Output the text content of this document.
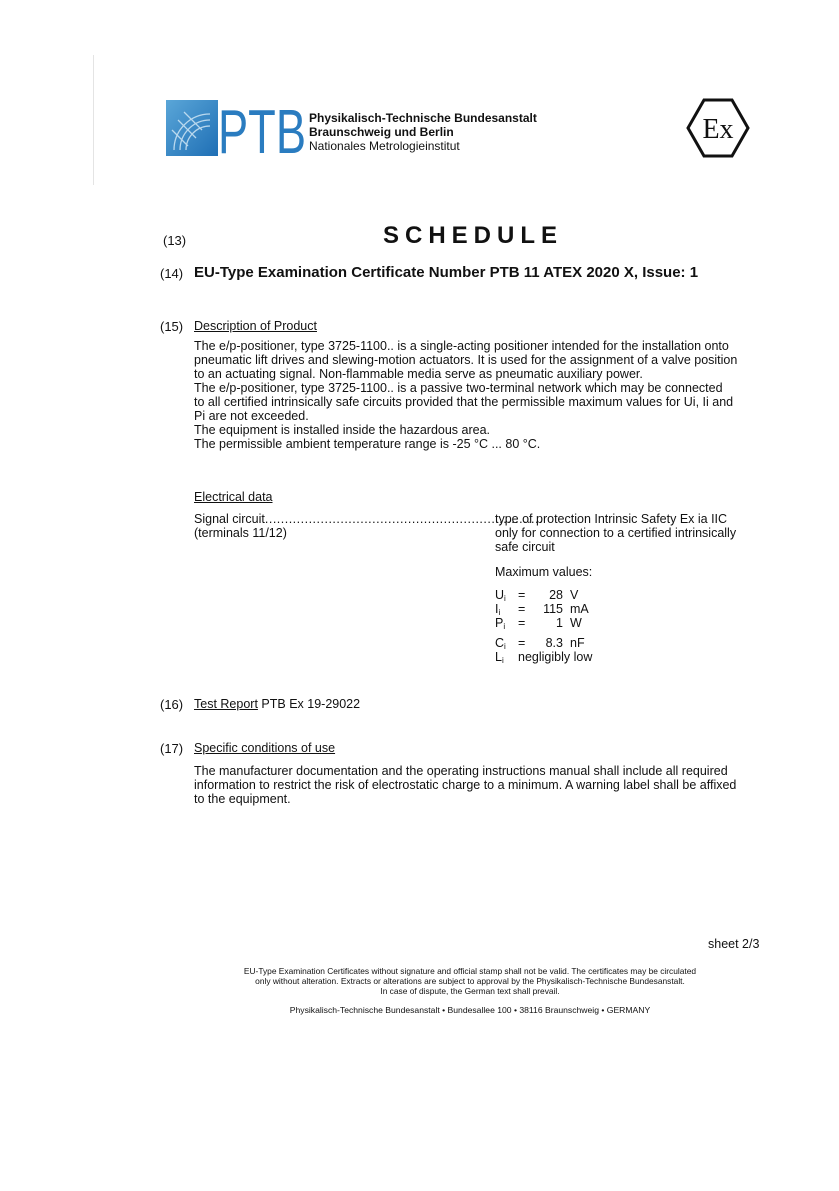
PTB Physikalisch-Technische Bundesanstalt
Braunschweig und Berlin
Nationales Metrologieinstitut
Ex
(13)	SCHEDULE
(14) EU-Type Examination Certificate Number PTB 11 ATEX 2020 X, Issue: 1
(15) Description of Product

The e/p-positioner, type 3725-1100.. is a single-acting positioner intended for the installation onto

pneumatic lift drives and slewing-motion actuators. It is used for the assignment of a valve position

to an actuating signal. Non-flammable media serve as pneumatic auxiliary power.

The e/p-positioner, type 3725-1100.. is a passive two-terminal network which may be connected

to all certified intrinsically safe circuits provided that the permissible maximum values for Ui, Ii and

Pi are not exceeded.

The equipment is installed inside the hazardous area.

The permissible ambient temperature range is -25 °C ... 80 °C.

Electrical data
Signal circuit......................................................................
(terminals 11/12)
type of protection Intrinsic Safety Ex ia IIC
only for connection to a certified intrinsically
safe circuit
Maximum values:
$U_i$ =	28 V
$I_i$ =	115 mA
$P_i$ =	1 W
$C_i$ =	8.3 nF
$L_i$ negligibly low
(16) Test Report PTB Ex 19-29022
(17) Specific conditions of use

The manufacturer documentation and the operating instructions manual shall include all required

information to restrict the risk of electrostatic charge to a minimum. A warning label shall be affixed

to the equipment.

sheet 2/3

EU-Type Examination Certificates without signature and official stamp shall not be valid. The certificates may be circulated

only without alteration. Extracts or alterations are subject to approval by the Physikalisch-Technische Bundesanstalt.

In case of dispute, the German text shall prevail.

Physikalisch-Technische Bundesanstalt • Bundesallee 100 • 38116 Braunschweig • GERMANY
